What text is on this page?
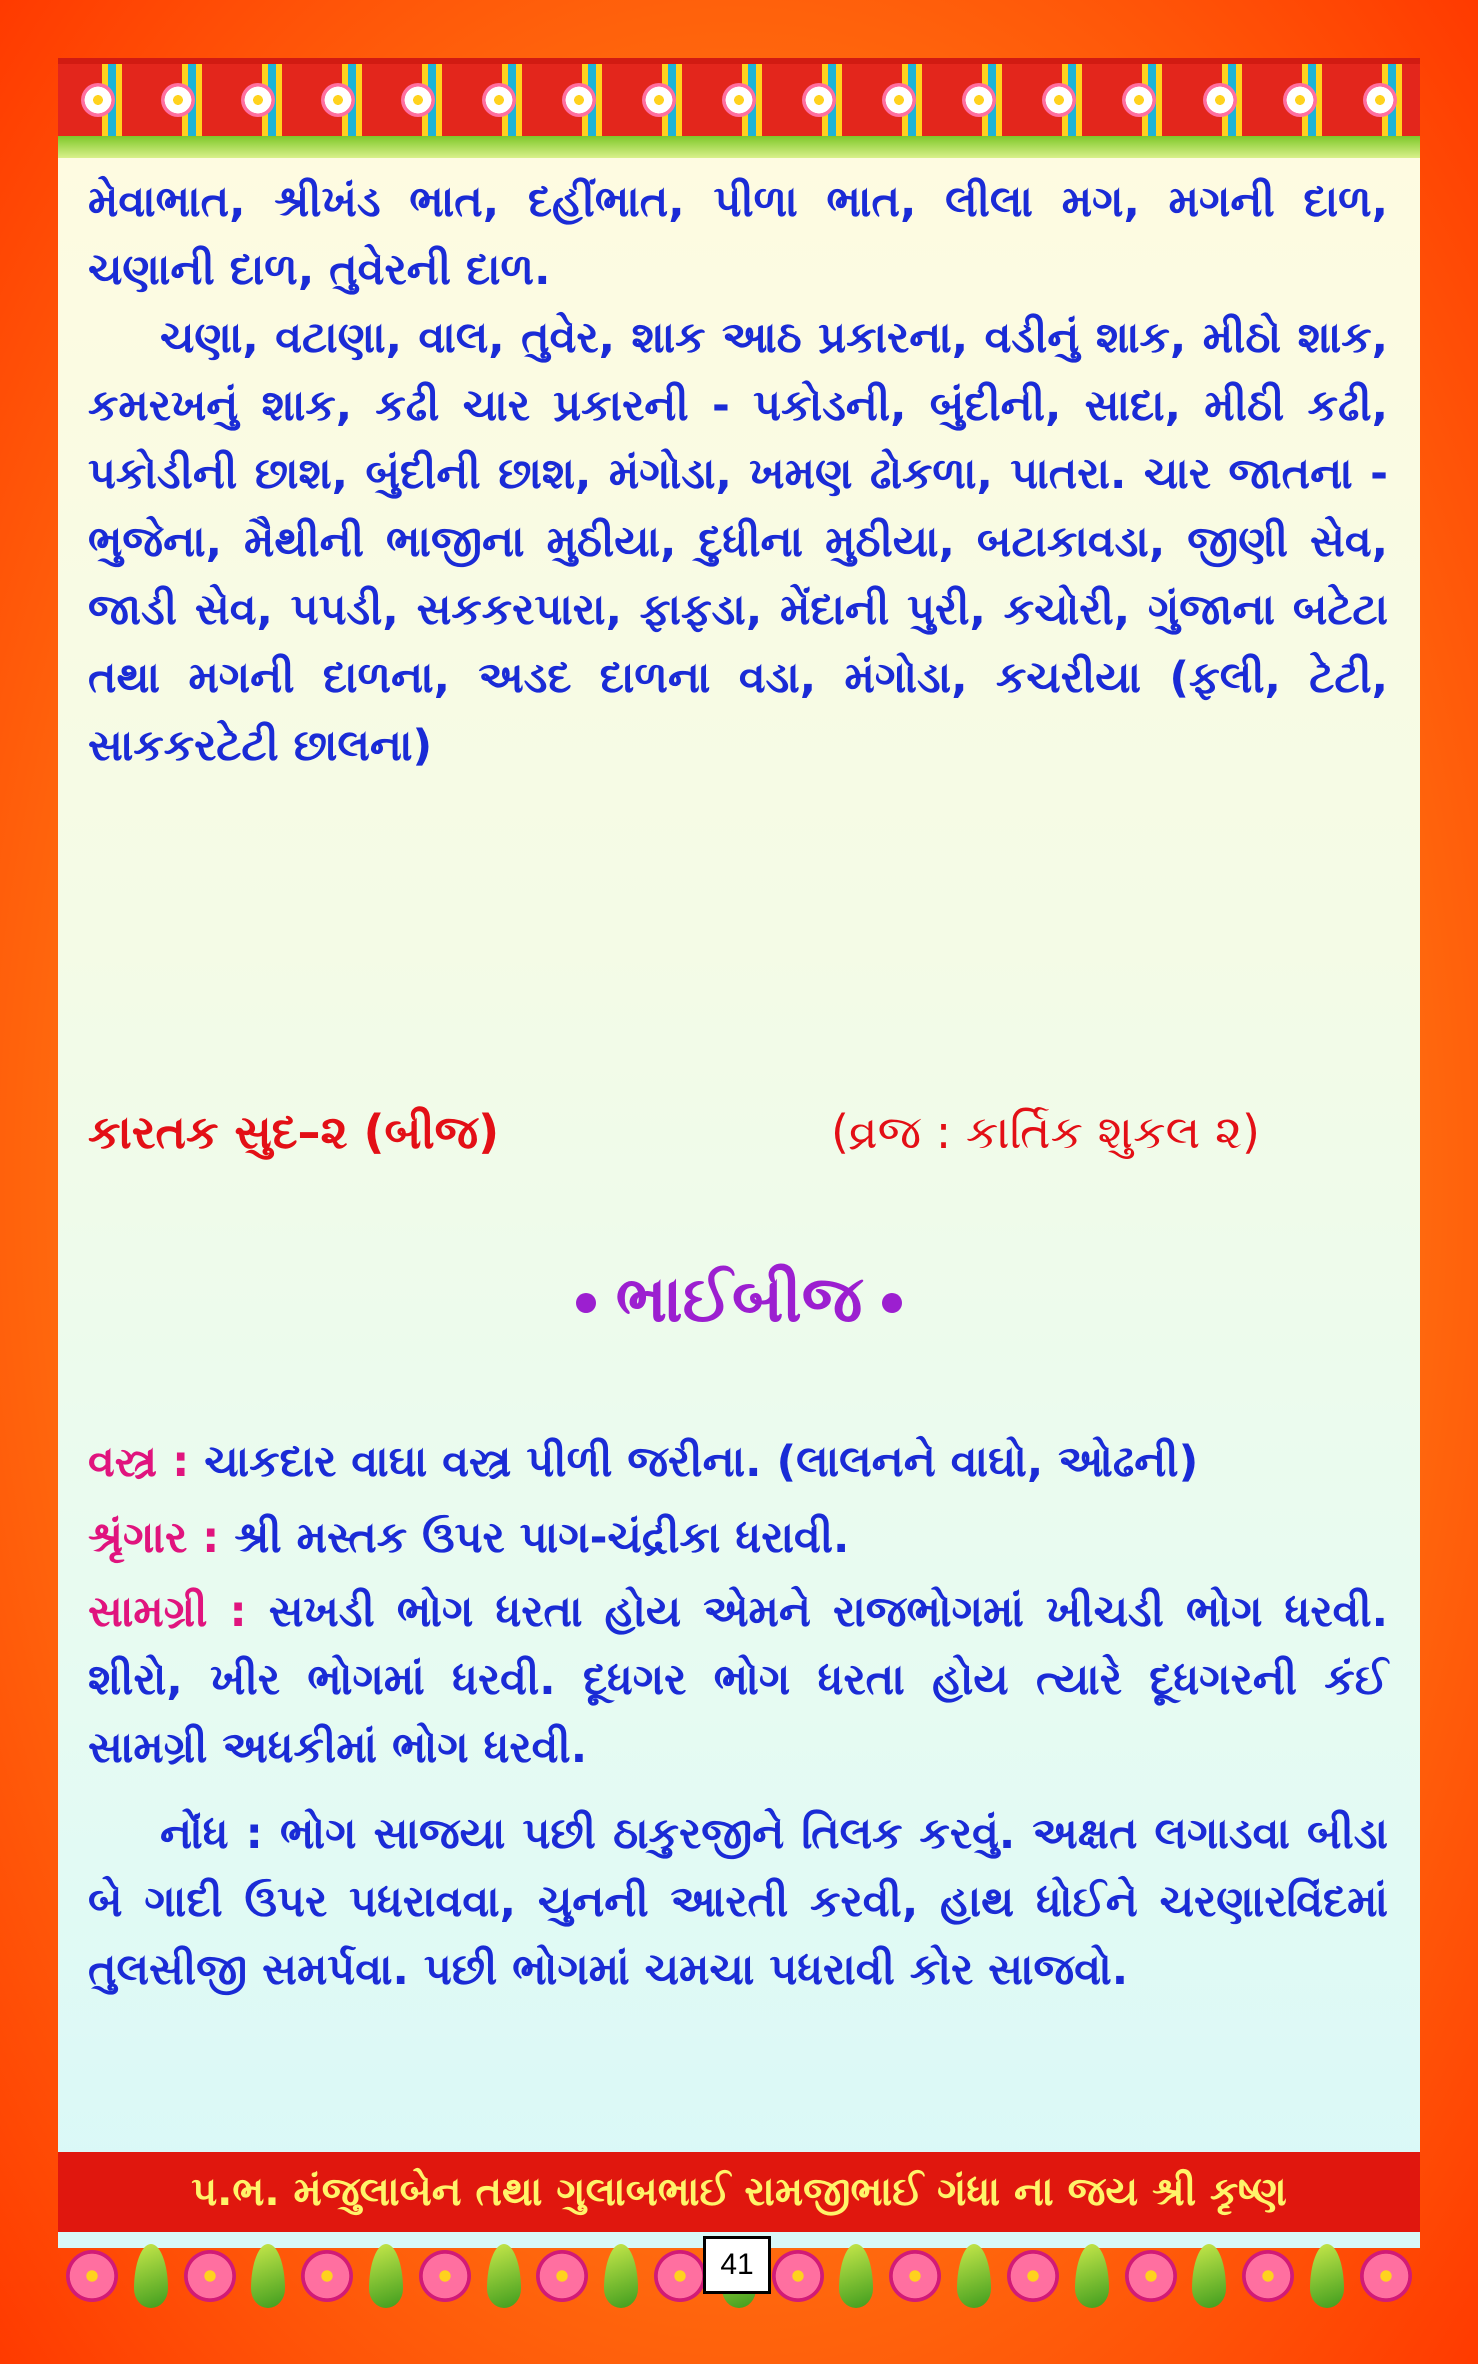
મેવાભાત, શ્રીખંડ ભાત, દહીંભાત, પીળા ભાત, લીલા મગ, મગની દાળ, ચણાની દાળ, તુવેરની દાળ.

ચણા, વટાણા, વાલ, તુવેર, શાક આઠ પ્રકારના, વડીનું શાક, મીઠો શાક, કમરખનું શાક, કઢી ચાર પ્રકારની - પકોડની, બુંદીની, સાદા, મીઠી કઢી, પકોડીની છાશ, બુંદીની છાશ, મંગોડા, ખમણ ઢોકળા, પાતરા. ચાર જાતના - ભુજેના, મૈથીની ભાજીના મુઠીયા, દુધીના મુઠીયા, બટાકાવડા, જીણી સેવ, જાડી સેવ, પપડી, સકકરપારા, ફાફડા, મેંદાની પુરી, કચોરી, ગુંજાના બટેટા તથા મગની દાળના, અડદ દાળના વડા, મંગોડા, કચરીયા (ફલી, ટેટી, સાકકરટેટી છાલના)

કારતક સુદ–૨ (બીજ)	(વ્રજ : કાર્તિક શુકલ ૨)
ભાઈબીજ

વસ્ત્ર : ચાકદાર વાઘા વસ્ત્ર પીળી જરીના. (લાલનને વાઘો, ઓઢની)

શ્રૃંગાર : શ્રી મસ્તક ઉપર પાગ-ચંદ્રીકા ધરાવી.

સામગ્રી : સખડી ભોગ ધરતા હોય એમને રાજભોગમાં ખીચડી ભોગ ધરવી. શીરો, ખીર ભોગમાં ધરવી. દૂધગર ભોગ ધરતા હોય ત્યારે દૂધગરની કંઈ સામગ્રી અધકીમાં ભોગ ધરવી.

નોંધ : ભોગ સાજયા પછી ઠાકુરજીને તિલક કરવું. અક્ષત લગાડવા બીડા બે ગાદી ઉપર પધરાવવા, ચુનની આરતી કરવી, હાથ ધોઈને ચરણારવિંદમાં તુલસીજી સમર્પવા. પછી ભોગમાં ચમચા પધરાવી કોર સાજવો.

પ.ભ. મંજુલાબેન તથા ગુલાબભાઈ રામજીભાઈ ગંધા ના જય શ્રી કૃષ્ણ
41
